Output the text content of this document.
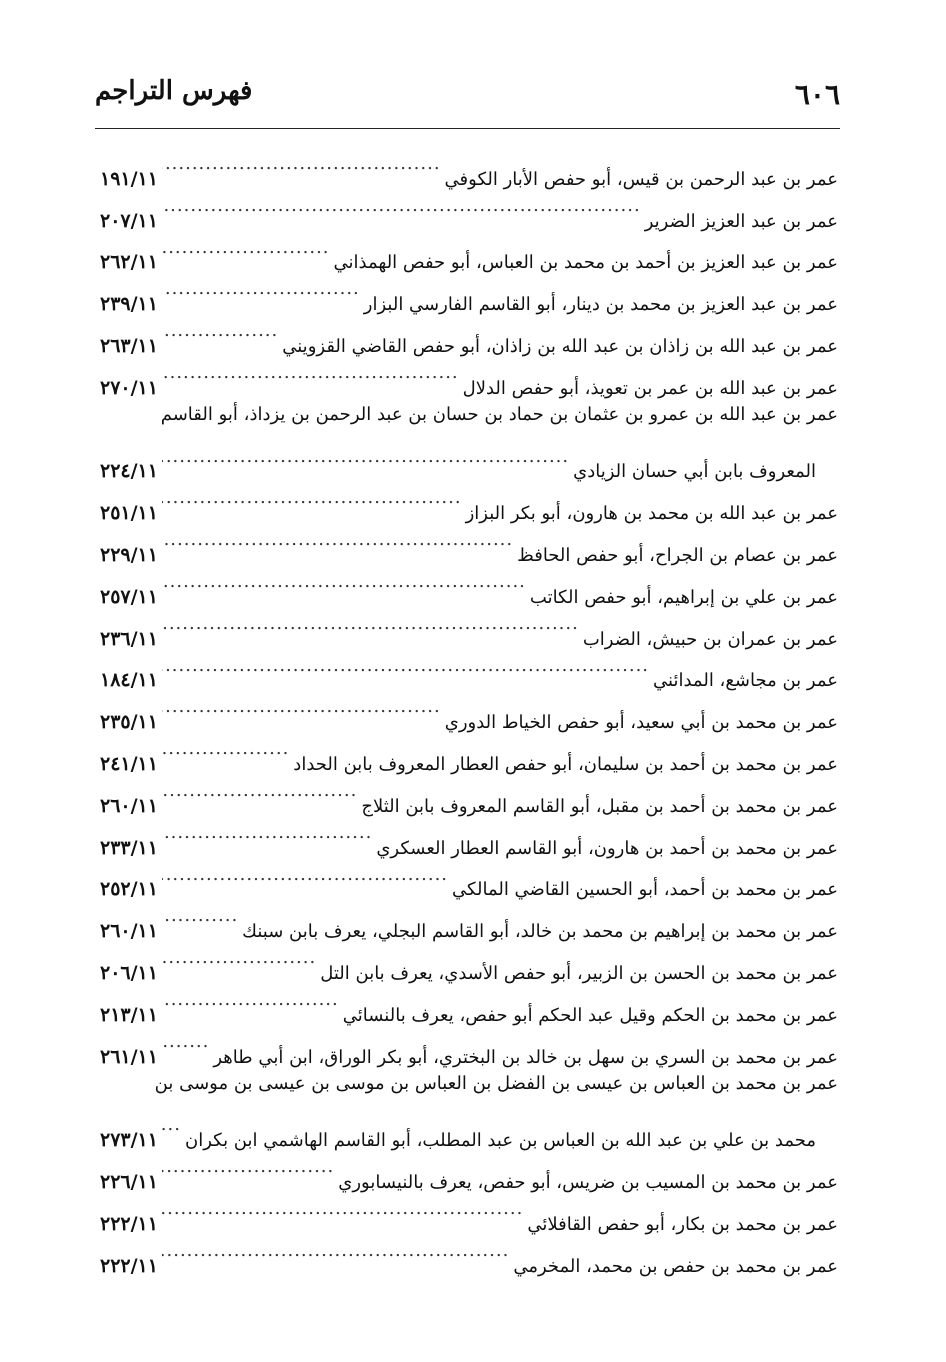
٦٠٦
فهرس التراجم
عمر بن عبد الرحمن بن قيس، أبو حفص الأبار الكوفي
.....
١٩١/١١
عمر بن عبد العزيز الضرير
.....
٢٠٧/١١
عمر بن عبد العزيز بن أحمد بن محمد بن العباس، أبو حفص الهمذاني
.....
٢٦٢/١١
عمر بن عبد العزيز بن محمد بن دينار، أبو القاسم الفارسي البزار
.....
٢٣٩/١١
عمر بن عبد الله بن زاذان بن عبد الله بن زاذان، أبو حفص القاضي القزويني
.....
٢٦٣/١١
عمر بن عبد الله بن عمر بن تعويذ، أبو حفص الدلال
.....
٢٧٠/١١
عمر بن عبد الله بن عمرو بن عثمان بن حماد بن حسان بن عبد الرحمن بن يزداذ، أبو القاسم
المعروف بابن أبي حسان الزيادي
.....
٢٢٤/١١
عمر بن عبد الله بن محمد بن هارون، أبو بكر البزاز
.....
٢٥١/١١
عمر بن عصام بن الجراح، أبو حفص الحافظ
.....
٢٢٩/١١
عمر بن علي بن إبراهيم، أبو حفص الكاتب
.....
٢٥٧/١١
عمر بن عمران بن حبيش، الضراب
.....
٢٣٦/١١
عمر بن مجاشع، المدائني
.....
١٨٤/١١
عمر بن محمد بن أبي سعيد، أبو حفص الخياط الدوري
.....
٢٣٥/١١
عمر بن محمد بن أحمد بن سليمان، أبو حفص العطار المعروف بابن الحداد
.....
٢٤١/١١
عمر بن محمد بن أحمد بن مقبل، أبو القاسم المعروف بابن الثلاج
.....
٢٦٠/١١
عمر بن محمد بن أحمد بن هارون، أبو القاسم العطار العسكري
.....
٢٣٣/١١
عمر بن محمد بن أحمد، أبو الحسين القاضي المالكي
.....
٢٥٢/١١
عمر بن محمد بن إبراهيم بن محمد بن خالد، أبو القاسم البجلي، يعرف بابن سبنك
.....
٢٦٠/١١
عمر بن محمد بن الحسن بن الزبير، أبو حفص الأسدي، يعرف بابن التل
.....
٢٠٦/١١
عمر بن محمد بن الحكم وقيل عبد الحكم أبو حفص، يعرف بالنسائي
.....
٢١٣/١١
عمر بن محمد بن السري بن سهل بن خالد بن البختري، أبو بكر الوراق، ابن أبي طاهر
.....
٢٦١/١١
عمر بن محمد بن العباس بن عيسى بن الفضل بن العباس بن موسى بن عيسى بن موسى بن
محمد بن علي بن عبد الله بن العباس بن عبد المطلب، أبو القاسم الهاشمي ابن بكران
.....
٢٧٣/١١
عمر بن محمد بن المسيب بن ضريس، أبو حفص، يعرف بالنيسابوري
.....
٢٢٦/١١
عمر بن محمد بن بكار، أبو حفص القافلائي
.....
٢٢٢/١١
عمر بن محمد بن حفص بن محمد، المخرمي
.....
٢٢٢/١١
